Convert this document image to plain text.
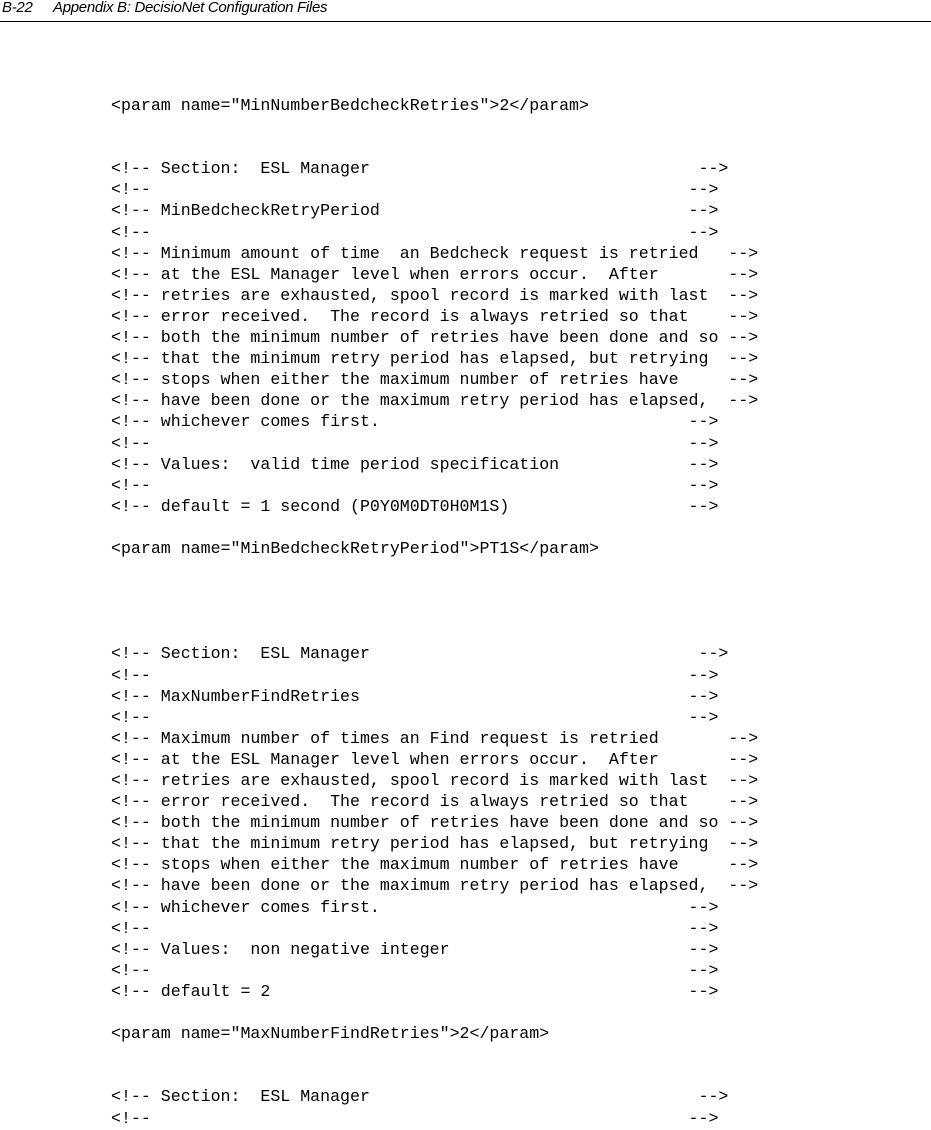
B-22 Appendix B: DecisioNet Configuration Files
<param name="MinNumberBedcheckRetries">2</param>
<!-- Section:  ESL Manager                                 -->
<!--                                                      -->
<!-- MinBedcheckRetryPeriod                               -->
<!--                                                      -->
<!-- Minimum amount of time  an Bedcheck request is retried   -->
<!-- at the ESL Manager level when errors occur.  After       -->
<!-- retries are exhausted, spool record is marked with last  -->
<!-- error received.  The record is always retried so that    -->
<!-- both the minimum number of retries have been done and so -->
<!-- that the minimum retry period has elapsed, but retrying  -->
<!-- stops when either the maximum number of retries have     -->
<!-- have been done or the maximum retry period has elapsed,  -->
<!-- whichever comes first.                               -->
<!--                                                      -->
<!-- Values:  valid time period specification             -->
<!--                                                      -->
<!-- default = 1 second (P0Y0M0DT0H0M1S)                  -->
<param name="MinBedcheckRetryPeriod">PT1S</param>
<!-- Section:  ESL Manager                                 -->
<!--                                                      -->
<!-- MaxNumberFindRetries                                 -->
<!--                                                      -->
<!-- Maximum number of times an Find request is retried       -->
<!-- at the ESL Manager level when errors occur.  After       -->
<!-- retries are exhausted, spool record is marked with last  -->
<!-- error received.  The record is always retried so that    -->
<!-- both the minimum number of retries have been done and so -->
<!-- that the minimum retry period has elapsed, but retrying  -->
<!-- stops when either the maximum number of retries have     -->
<!-- have been done or the maximum retry period has elapsed,  -->
<!-- whichever comes first.                               -->
<!--                                                      -->
<!-- Values:  non negative integer                        -->
<!--                                                      -->
<!-- default = 2                                          -->
<param name="MaxNumberFindRetries">2</param>
<!-- Section:  ESL Manager                                 -->
<!--                                                      -->
